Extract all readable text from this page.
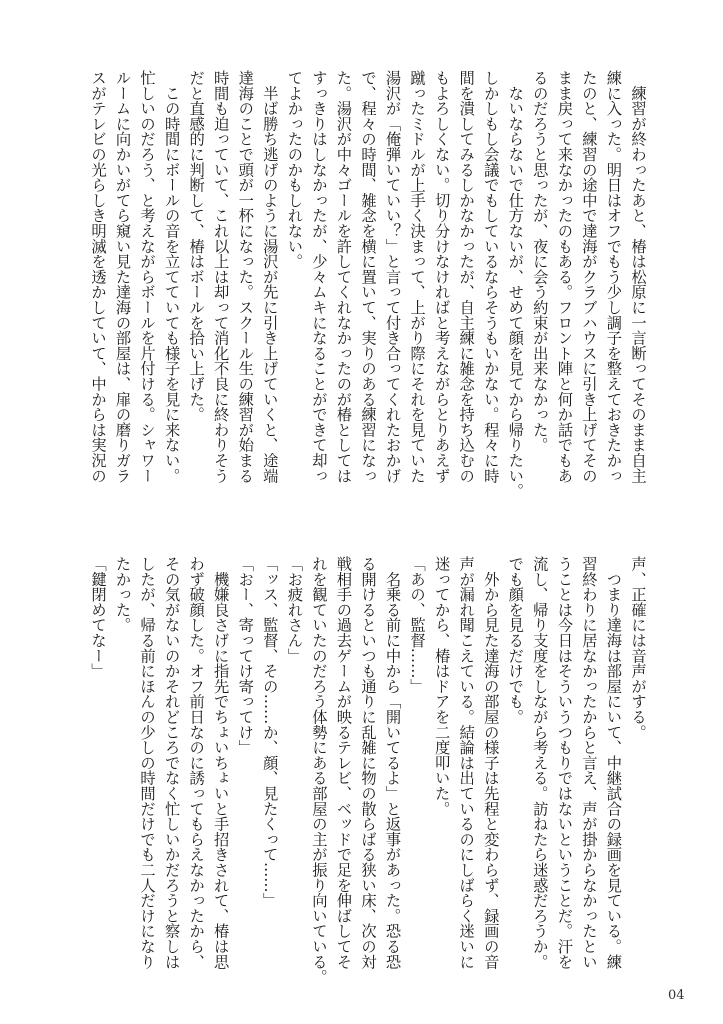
　練習が終わったあと、椿は松原に一言断ってそのまま自主
練に入った。明日はオフでもう少し調子を整えておきたかっ
たのと、練習の途中で達海がクラブハウスに引き上げてその
まま戻って来なかったのもある。フロント陣と何か話でもあ
るのだろうと思ったが、夜に会う約束が出来なかった。
　ないならないで仕方ないが、せめて顔を見てから帰りたい。
しかしもし会議でもしているならそうもいかない。程々に時
間を潰してみるしかなかったが、自主練に雑念を持ち込むの
もよろしくない。切り分けなければと考えながらとりあえず
蹴ったミドルが上手く決まって、上がり際にそれを見ていた
湯沢が「俺弾いていい？」と言って付き合ってくれたおかげ
で、程々の時間、雑念を横に置いて、実りのある練習になっ
た。湯沢が中々ゴールを許してくれなかったのが椿としては
すっきりはしなかったが、少々ムキになることができて却っ
てよかったのかもしれない。
　半ば勝ち逃げのように湯沢が先に引き上げていくと、途端
達海のことで頭が一杯になった。スクール生の練習が始まる
時間も迫っていて、これ以上は却って消化不良に終わりそう
だと直感的に判断して、椿はボールを拾い上げた。
　この時間にボールの音を立てていても様子を見に来ない。
忙しいのだろう、と考えながらボールを片付ける。シャワー
ルームに向かいがてら窺い見た達海の部屋は、扉の磨りガラ
スがテレビの光らしき明滅を透かしていて、中からは実況の
声、正確には音声がする。
　つまり達海は部屋にいて、中継試合の録画を見ている。練
習終わりに居なかったからと言え、声が掛からなかったとい
うことは今日はそういうつもりではないということだ。汗を
流し、帰り支度をしながら考える。訪ねたら迷惑だろうか。
でも顔を見るだけでも。
　外から見た達海の部屋の様子は先程と変わらず、録画の音
声が漏れ聞こえている。結論は出ているのにしばらく迷いに
迷ってから、椿はドアを二度叩いた。
「あの、監督……」
　名乗る前に中から「開いてるよ」と返事があった。恐る恐
る開けるといつも通りに乱雑に物の散らばる狭い床、次の対
戦相手の過去ゲームが映るテレビ、ベッドで足を伸ばしてそ
れを観ていたのだろう体勢にある部屋の主が振り向いている。
「お疲れさん」
「ッス、監督、その……か、顔、見たくって……」
「おー、寄ってけ寄ってけ」
　機嫌良さげに指先でちょいちょいと手招きされて、椿は思
わず破顔した。オフ前日なのに誘ってもらえなかったから、
その気がないのかそれどころでなく忙しいかだろうと察しは
したが、帰る前にほんの少しの時間だけでも二人だけになり
たかった。
「鍵閉めてなー」
04
